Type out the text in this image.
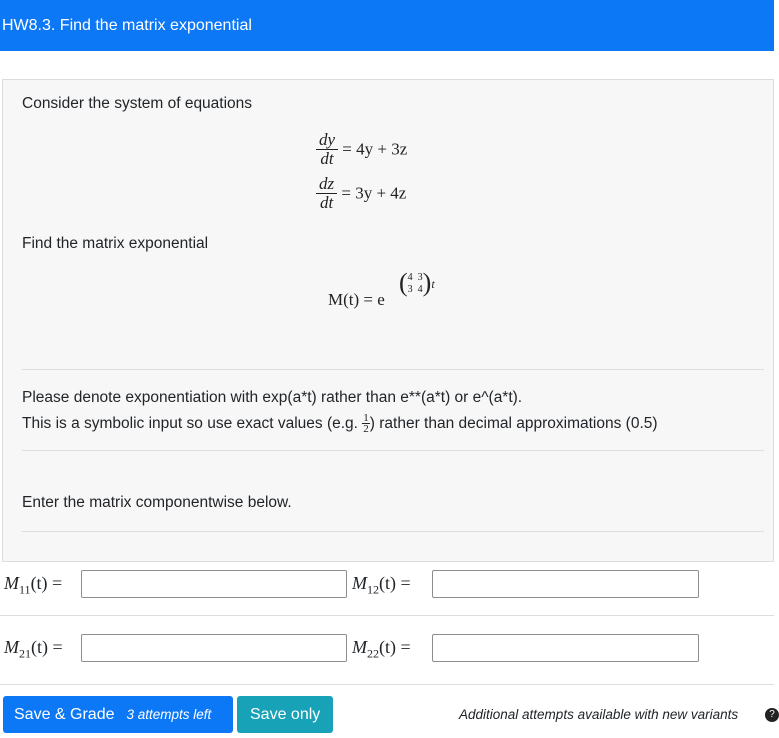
HW8.3. Find the matrix exponential
Consider the system of equations
$\frac{dy}{dt} = 4y + 3z$
$\frac{dz}{dt} = 3y + 4z$
Find the matrix exponential
M(t) = e
( 4 3
3 4 )t
Please denote exponentiation with exp(a*t) rather than e**(a*t) or e^(a*t).
This is a symbolic input so use exact values (e.g. $\frac{1}{2}$ ) rather than decimal approximations (0.5)
Enter the matrix componentwise below.
$M_{11}(t)$ =	$M_{12}(t)$ =
$M_{21}(t)$ =	$M_{22}(t)$ =
Save & Grade 3 attempts left Save only	Additional attempts available with new variants	?
